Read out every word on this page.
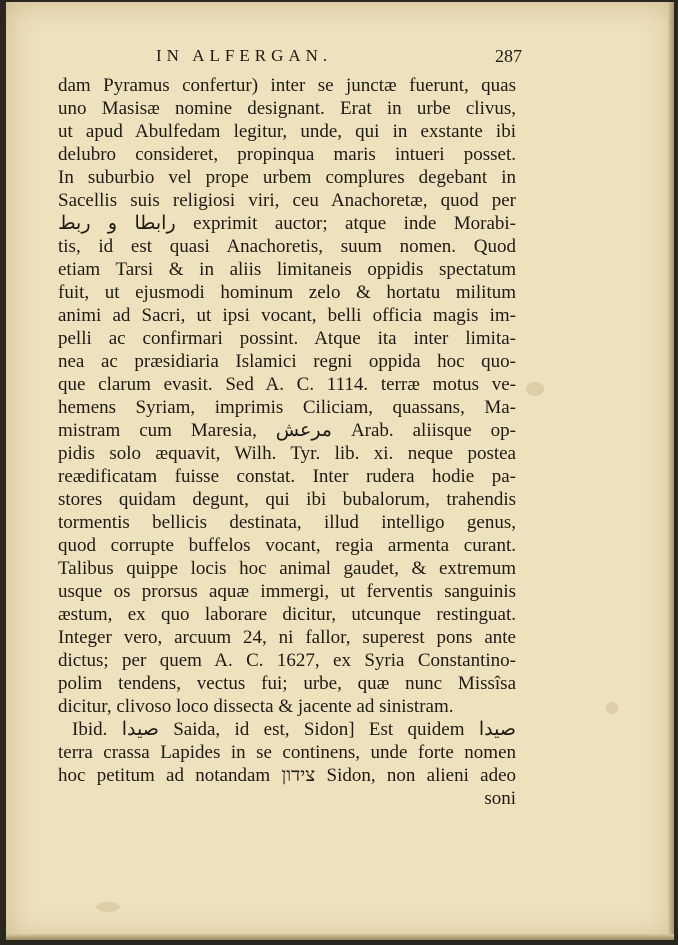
IN ALFERGAN.	287
dam Pyramus confertur) inter se junctæ fuerunt, quas
uno Masisæ nomine designant. Erat in urbe clivus,
ut apud Abulfedam legitur, unde, qui in exstante ibi
delubro consideret, propinqua maris intueri posset.
In suburbio vel prope urbem complures degebant in
Sacellis suis religiosi viri, ceu Anachoretæ, quod per
رابطا و ربط exprimit auctor; atque inde Morabi-
tis, id est quasi Anachoretis, suum nomen. Quod
etiam Tarsi & in aliis limitaneis oppidis spectatum
fuit, ut ejusmodi hominum zelo & hortatu militum
animi ad Sacri, ut ipsi vocant, belli officia magis im-
pelli ac confirmari possint. Atque ita inter limita-
nea ac præsidiaria Islamici regni oppida hoc quo-
que clarum evasit. Sed A. C. 1114. terræ motus ve-
hemens Syriam, imprimis Ciliciam, quassans, Ma-
mistram cum Maresia, مرعش Arab. aliisque op-
pidis solo æquavit, Wilh. Tyr. lib. xi. neque postea
reædificatam fuisse constat. Inter rudera hodie pa-
stores quidam degunt, qui ibi bubalorum, trahendis
tormentis bellicis destinata, illud intelligo genus,
quod corrupte buffelos vocant, regia armenta curant.
Talibus quippe locis hoc animal gaudet, & extremum
usque os prorsus aquæ immergi, ut ferventis sanguinis
æstum, ex quo laborare dicitur, utcunque restinguat.
Integer vero, arcuum 24, ni fallor, superest pons ante
dictus; per quem A. C. 1627, ex Syria Constantino-
polim tendens, vectus fui; urbe, quæ nunc Missîsa
dicitur, clivoso loco dissecta & jacente ad sinistram.
Ibid. صيدا Saida, id est, Sidon] Est quidem صيدا
terra crassa Lapides in se continens, unde forte nomen
hoc petitum ad notandam צידון Sidon, non alieni adeo
soni
